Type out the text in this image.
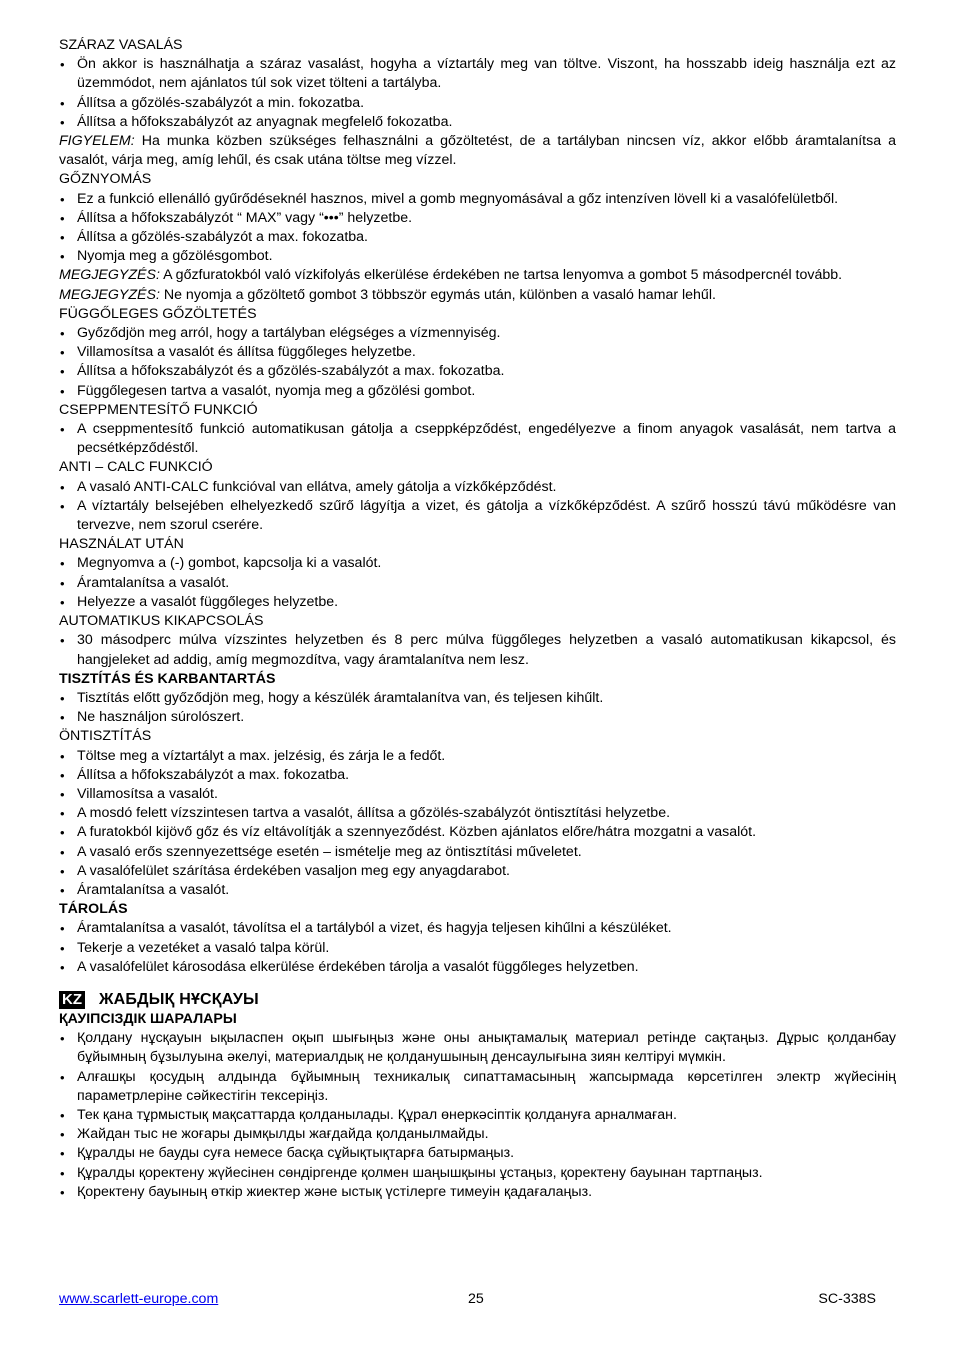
SZÁRAZ VASALÁS

• Ön akkor is használhatja a száraz vasalást, hogyha a víztartály meg van töltve. Viszont, ha hosszabb ideig használja ezt az üzemmódot, nem ajánlatos túl sok vizet tölteni a tartályba.
• Állítsa a gőzölés-szabályzót a min. fokozatba.
• Állítsa a hőfokszabályzót az anyagnak megfelelő fokozatba.

FIGYELEM: Ha munka közben szükséges felhasználni a gőzöltetést, de a tartályban nincsen víz, akkor előbb áramtalanítsa a vasalót, várja meg, amíg lehűl, és csak utána töltse meg vízzel.

GŐZNYOMÁS

• Ez a funkció ellenálló gyűrődéseknél hasznos, mivel a gomb megnyomásával a gőz intenzíven lövell ki a vasalófelületből.
• Állítsa a hőfokszabályzót “ MAX” vagy “•••” helyzetbe.
• Állítsa a gőzölés-szabályzót a max. fokozatba.
• Nyomja meg a gőzölésgombot.

MEGJEGYZÉS: A gőzfuratokból való vízkifolyás elkerülése érdekében ne tartsa lenyomva a gombot 5 másodpercnél tovább.

MEGJEGYZÉS: Ne nyomja a gőzöltető gombot 3 többször egymás után, különben a vasaló hamar lehűl.

FÜGGŐLEGES GŐZÖLTETÉS

• Győződjön meg arról, hogy a tartályban elégséges a vízmennyiség.
• Villamosítsa a vasalót és állítsa függőleges helyzetbe.
• Állítsa a hőfokszabályzót és a gőzölés-szabályzót a max. fokozatba.
• Függőlegesen tartva a vasalót, nyomja meg a gőzölési gombot.

CSEPPMENTESÍTŐ FUNKCIÓ

• A cseppmentesítő funkció automatikusan gátolja a cseppképződést, engedélyezve a finom anyagok vasalását, nem tartva a pecsétképződéstől.

ANTI – CALC FUNKCIÓ

• A vasaló ANTI-CALC funkcióval van ellátva, amely gátolja a vízkőképződést.
• A víztartály belsejében elhelyezkedő szűrő lágyítja a vizet, és gátolja a vízkőképződést. A szűrő hosszú távú működésre van tervezve, nem szorul cserére.

HASZNÁLAT UTÁN

• Megnyomva a (-) gombot, kapcsolja ki a vasalót.
• Áramtalanítsa a vasalót.
• Helyezze a vasalót függőleges helyzetbe.

AUTOMATIKUS KIKAPCSOLÁS

• 30 másodperc múlva vízszintes helyzetben és 8 perc múlva függőleges helyzetben a vasaló automatikusan kikapcsol, és hangjeleket ad addig, amíg megmozdítva, vagy áramtalanítva nem lesz.

TISZTÍTÁS ÉS KARBANTARTÁS

• Tisztítás előtt győződjön meg, hogy a készülék áramtalanítva van, és teljesen kihűlt.
• Ne használjon súrolószert.

ÖNTISZTÍTÁS

• Töltse meg a víztartályt a max. jelzésig, és zárja le a fedőt.
• Állítsa a hőfokszabályzót a max. fokozatba.
• Villamosítsa a vasalót.
• A mosdó felett vízszintesen tartva a vasalót, állítsa a gőzölés-szabályzót öntisztítási helyzetbe.
• A furatokból kijövő gőz és víz eltávolítják a szennyeződést. Közben ajánlatos előre/hátra mozgatni a vasalót.
• A vasaló erős szennyezettsége esetén – ismételje meg az öntisztítási műveletet.
• A vasalófelület szárítása érdekében vasaljon meg egy anyagdarabot.
• Áramtalanítsa a vasalót.

TÁROLÁS

• Áramtalanítsa a vasalót, távolítsa el a tartályból a vizet, és hagyja teljesen kihűlni a készüléket.
• Tekerje a vezetéket a vasaló talpa körül.
• A vasalófelület károsodása elkerülése érdekében tárolja a vasalót függőleges helyzetben.
KZ ЖАБДЫҚ НҰСҚАУЫ

ҚАУІПСІЗДІК ШАРАЛАРЫ

• Қолдану нұсқауын ықыласпен оқып шығыңыз және оны анықтамалық материал ретінде сақтаңыз. Дұрыс қолданбау бұйымның бұзылуына әкелуі, материалдық не қолданушының денсаулығына зиян келтіруі мүмкін.
• Алғашқы қосудың алдында бұйымның техникалық сипаттамасының жапсырмада көрсетілген электр жүйесінің параметрлеріне сәйкестігін тексеріңіз.
• Тек қана тұрмыстық мақсаттарда қолданылады. Құрал өнеркәсіптік қолдануға арналмаған.
• Жайдан тыс не жоғары дымқылды жағдайда қолданылмайды.
• Құралды не бауды суға немесе басқа сұйықтықтарға батырмаңыз.
• Құралды қоректену жүйесінен сөндіргенде қолмен шаңышқыны ұстаңыз, қоректену бауынан тартпаңыз.
• Қоректену бауының өткір жиектер және ыстық үстілерге тимеуін қадағалаңыз.
www.scarlett-europe.com	25	SC-338S
